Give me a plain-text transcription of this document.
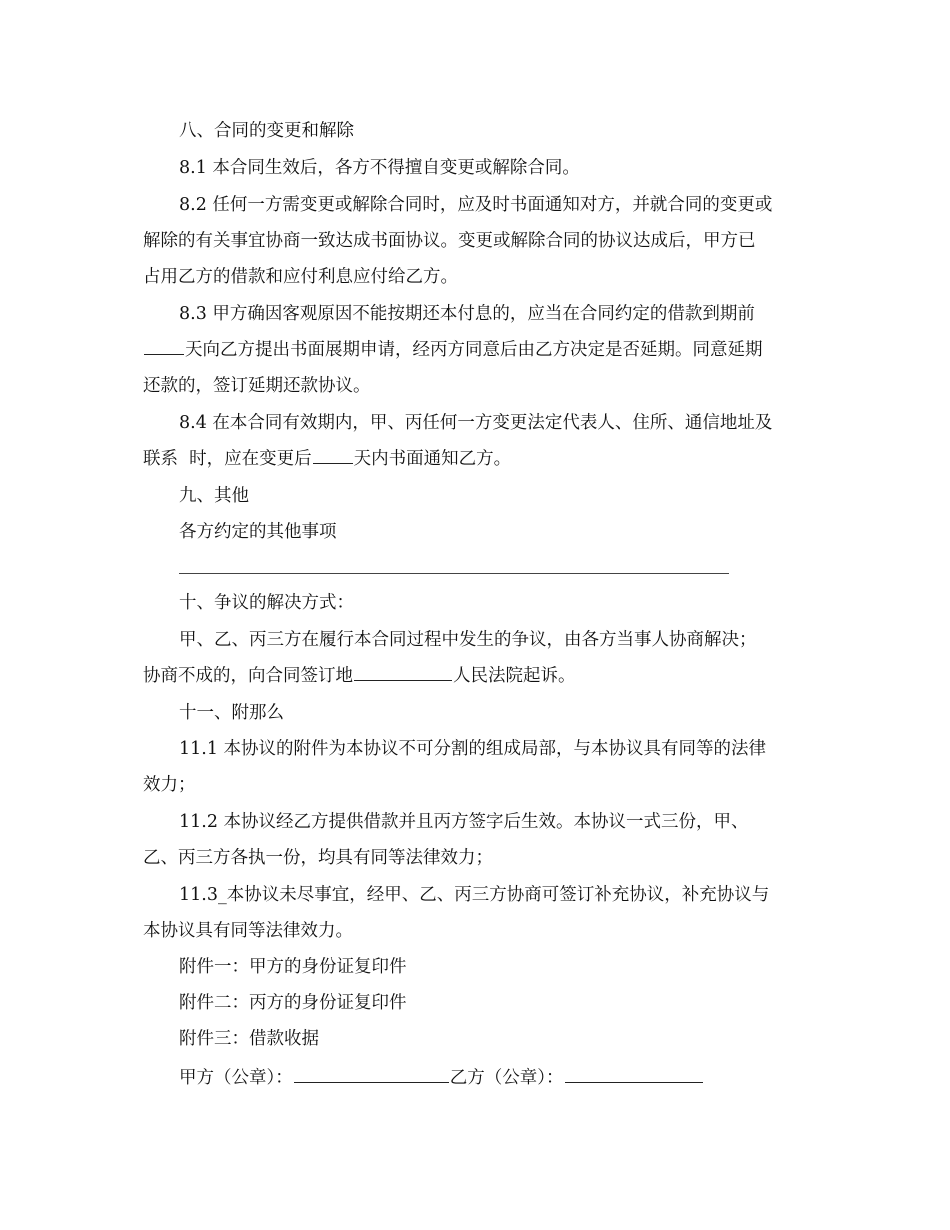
八、合同的变更和解除
8.1 本合同生效后，各方不得擅自变更或解除合同。
8.2 任何一方需变更或解除合同时，应及时书面通知对方，并就合同的变更或
解除的有关事宜协商一致达成书面协议。变更或解除合同的协议达成后，甲方已
占用乙方的借款和应付利息应付给乙方。
8.3 甲方确因客观原因不能按期还本付息的，应当在合同约定的借款到期前
天向乙方提出书面展期申请，经丙方同意后由乙方决定是否延期。同意延期
还款的，签订延期还款协议。
8.4 在本合同有效期内，甲、丙任何一方变更法定代表人、住所、通信地址及
联系  时，应在变更后 天内书面通知乙方。
九、其他
各方约定的其他事项
十、争议的解决方式：
甲、乙、丙三方在履行本合同过程中发生的争议，由各方当事人协商解决；
协商不成的，向合同签订地	人民法院起诉。
十一、附那么
11.1 本协议的附件为本协议不可分割的组成局部，与本协议具有同等的法律
效力；
11.2 本协议经乙方提供借款并且丙方签字后生效。本协议一式三份，甲、
乙、丙三方各执一份，均具有同等法律效力；
11.3_本协议未尽事宜，经甲、乙、丙三方协商可签订补充协议，补充协议与
本协议具有同等法律效力。
附件一：甲方的身份证复印件
附件二：丙方的身份证复印件
附件三：借款收据
甲方（公章）：	乙方（公章）：
